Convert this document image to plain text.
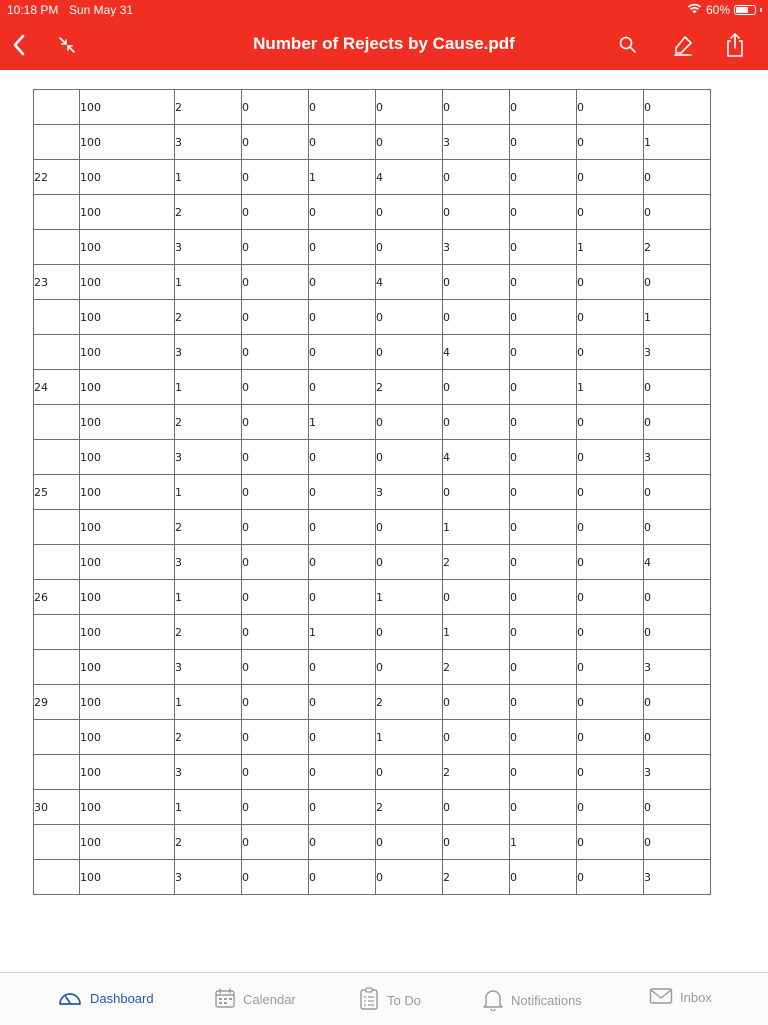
10:18 PM Sun May 31	60%
Number of Rejects by Cause.pdf
	100	2	0	0	0	0	0	0	0
	100	3	0	0	0	3	0	0	1
22	100	1	0	1	4	0	0	0	0
	100	2	0	0	0	0	0	0	0
	100	3	0	0	0	3	0	1	2
23	100	1	0	0	4	0	0	0	0
	100	2	0	0	0	0	0	0	1
	100	3	0	0	0	4	0	0	3
24	100	1	0	0	2	0	0	1	0
	100	2	0	1	0	0	0	0	0
	100	3	0	0	0	4	0	0	3
25	100	1	0	0	3	0	0	0	0
	100	2	0	0	0	1	0	0	0
	100	3	0	0	0	2	0	0	4
26	100	1	0	0	1	0	0	0	0
	100	2	0	1	0	1	0	0	0
	100	3	0	0	0	2	0	0	3
29	100	1	0	0	2	0	0	0	0
	100	2	0	0	1	0	0	0	0
	100	3	0	0	0	2	0	0	3
30	100	1	0	0	2	0	0	0	0
	100	2	0	0	0	0	1	0	0
	100	3	0	0	0	2	0	0	3
Dashboard	Calendar	To Do	Notifications	Inbox
